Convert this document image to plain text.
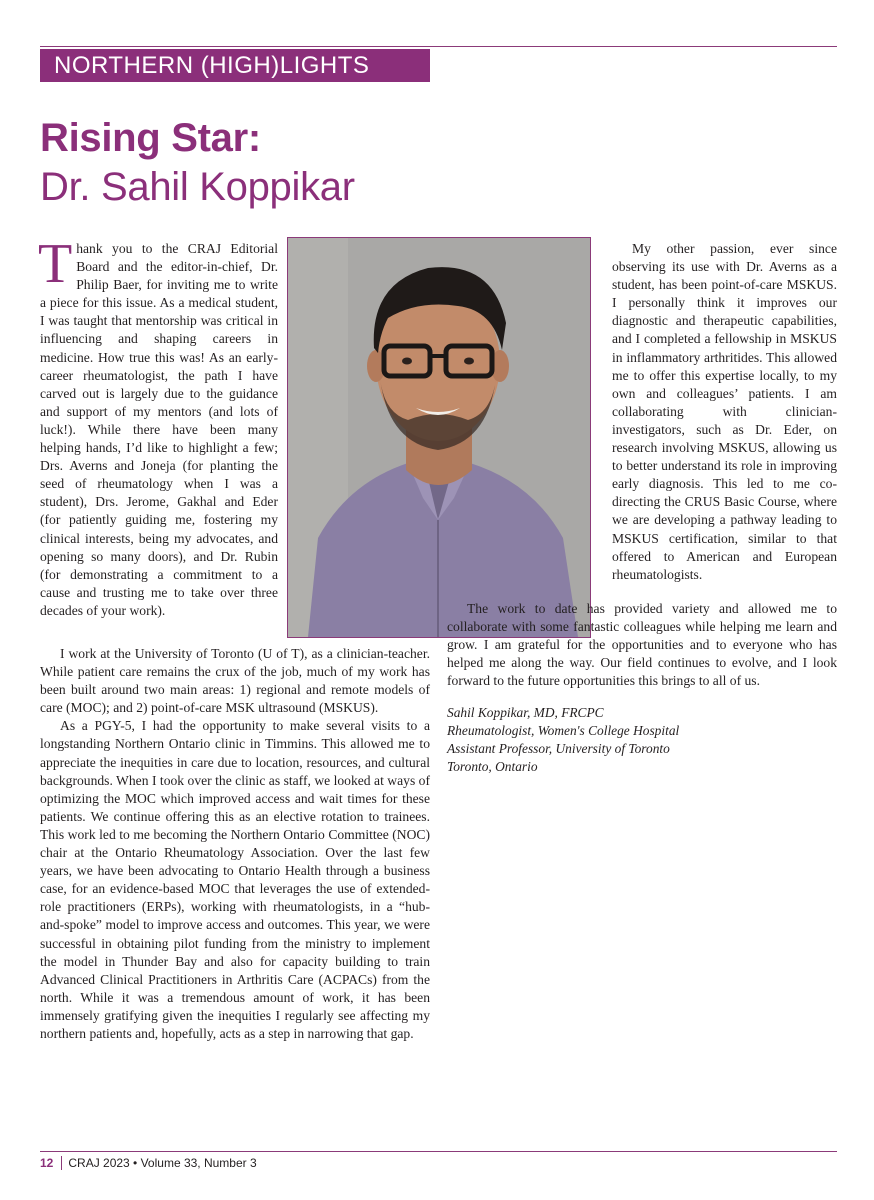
NORTHERN (HIGH)LIGHTS
Rising Star:
Dr. Sahil Koppikar

T hank you to the CRAJ Editorial Board and the editor-in-chief, Dr. Philip Baer, for inviting me to write a piece for this issue. As a medical student, I was taught that mentorship was critical in influencing and shaping careers in medicine. How true this was! As an early-career rheumatologist, the path I have carved out is largely due to the guidance and support of my mentors (and lots of luck!). While there have been many helping hands, I’d like to highlight a few; Drs. Averns and Joneja (for planting the seed of rheumatology when I was a student), Drs. Jerome, Gakhal and Eder (for patiently guiding me, fostering my clinical interests, being my advocates, and opening so many doors), and Dr. Rubin (for demonstrating a commitment to a cause and trusting me to take over three decades of your work).

My other passion, ever since observing its use with Dr. Averns as a student, has been point-of-care MSKUS. I personally think it improves our diagnostic and therapeutic capabilities, and I completed a fellowship in MSKUS in inflammatory arthritides. This allowed me to offer this expertise locally, to my own and colleagues’ patients. I am collaborating with clinician-investigators, such as Dr. Eder, on research involving MSKUS, allowing us to better understand its role in improving early diagnosis. This led to me co-directing the CRUS Basic Course, where we are developing a pathway leading to MSKUS certification, similar to that offered to American and European rheumatologists.

I work at the University of Toronto (U of T), as a clinician-teacher. While patient care remains the crux of the job, much of my work has been built around two main areas: 1) regional and remote models of care (MOC); and 2) point-of-care MSK ultrasound (MSKUS).

As a PGY-5, I had the opportunity to make several visits to a longstanding Northern Ontario clinic in Timmins. This allowed me to appreciate the inequities in care due to location, resources, and cultural backgrounds. When I took over the clinic as staff, we looked at ways of optimizing the MOC which improved access and wait times for these patients. We continue offering this as an elective rotation to trainees. This work led to me becoming the Northern Ontario Committee (NOC) chair at the Ontario Rheumatology Association. Over the last few years, we have been advocating to Ontario Health through a business case, for an evidence-based MOC that leverages the use of extended-role practitioners (ERPs), working with rheumatologists, in a “hub-and-spoke” model to improve access and outcomes. This year, we were successful in obtaining pilot funding from the ministry to implement the model in Thunder Bay and also for capacity building to train Advanced Clinical Practitioners in Arthritis Care (ACPACs) from the north. While it was a tremendous amount of work, it has been immensely gratifying given the inequities I regularly see affecting my northern patients and, hopefully, acts as a step in narrowing that gap.

The work to date has provided variety and allowed me to collaborate with some fantastic colleagues while helping me learn and grow. I am grateful for the opportunities and to everyone who has helped me along the way. Our field continues to evolve, and I look forward to the future opportunities this brings to all of us.

Sahil Koppikar, MD, FRCPC
Rheumatologist, Women's College Hospital
Assistant Professor, University of Toronto
Toronto, Ontario
12 CRAJ 2023 • Volume 33, Number 3
